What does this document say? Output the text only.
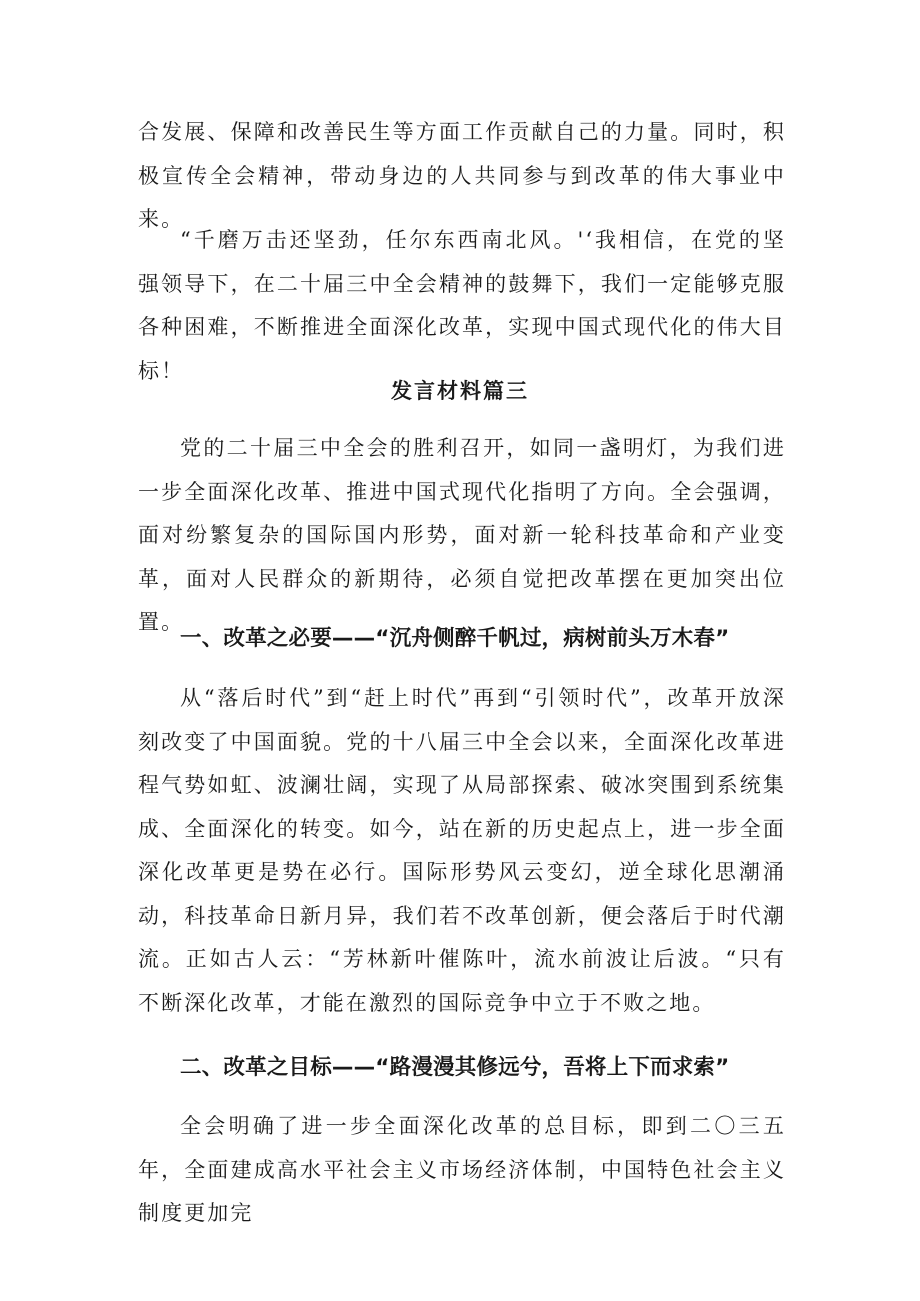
合发展、保障和改善民生等方面工作贡献自己的力量。同时，积极宣传全会精神，带动身边的人共同参与到改革的伟大事业中来。

“千磨万击还坚劲，任尔东西南北风。'‘我相信，在党的坚强领导下，在二十届三中全会精神的鼓舞下，我们一定能够克服各种困难，不断推进全面深化改革，实现中国式现代化的伟大目标！

发言材料篇三

党的二十届三中全会的胜利召开，如同一盏明灯，为我们进一步全面深化改革、推进中国式现代化指明了方向。全会强调，面对纷繁复杂的国际国内形势，面对新一轮科技革命和产业变革，面对人民群众的新期待，必须自觉把改革摆在更加突出位置。

一、改革之必要——“沉舟侧醉千帆过，病树前头万木春”

从“落后时代”到“赶上时代”再到“引领时代”，改革开放深刻改变了中国面貌。党的十八届三中全会以来，全面深化改革进程气势如虹、波澜壮阔，实现了从局部探索、破冰突围到系统集成、全面深化的转变。如今，站在新的历史起点上，进一步全面深化改革更是势在必行。国际形势风云变幻，逆全球化思潮涌动，科技革命日新月异，我们若不改革创新，便会落后于时代潮流。正如古人云：“芳林新叶催陈叶，流水前波让后波。“只有不断深化改革，才能在激烈的国际竞争中立于不败之地。

二、改革之目标——“路漫漫其修远兮，吾将上下而求索”

全会明确了进一步全面深化改革的总目标，即到二〇三五年，全面建成高水平社会主义市场经济体制，中国特色社会主义制度更加完
